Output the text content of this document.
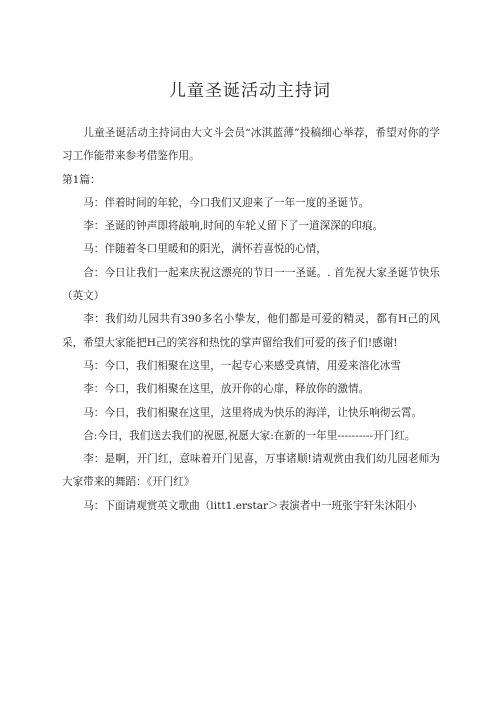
儿童圣诞活动主持词

儿童圣诞活动主持词由大文斗会员“冰淇蓝薄”投稿细心举荐，希望对你的学习工作能带来参考借鉴作用。

第1篇：

马：伴着时间的年轮，今口我们又迎来了一年一度的圣诞节。

李：圣诞的钟声即将敲响,时间的车轮乂留下了一道深深的印痕。

马：伴随着冬口里暖和的阳光，满怀若喜悦的心情，

合：今日让我们一起来庆祝这漂亮的节日一一圣诞。. 首先祝大家圣诞节快乐（英文）

李：我们幼儿园共有390多名小挚友，他们都是可爱的精灵，都有H己的风采，希望大家能把H己的笑容和热忱的掌声留给我们可爱的孩子们!感谢!

马：今口，我们相聚在这里，一起专心来感受真情，用爱来溶化冰雪

李：今口，我们相聚在这里，放开你的心扉，释放你的激情。

马：今日，我们相聚在这里，这里将成为快乐的海洋，让快乐响彻云霄。

合:今日，我们送去我们的祝愿,祝愿大家:在新的一年里----------开门红。

李：是啊，开门红，意味着开门见喜，万事诸顺!请观赏由我们幼儿园老师为大家带来的舞蹈：《开门红》

马：下面请观赏英文歌曲（litt1.erstar＞表演者中一班张宇轩朱沐阳小
